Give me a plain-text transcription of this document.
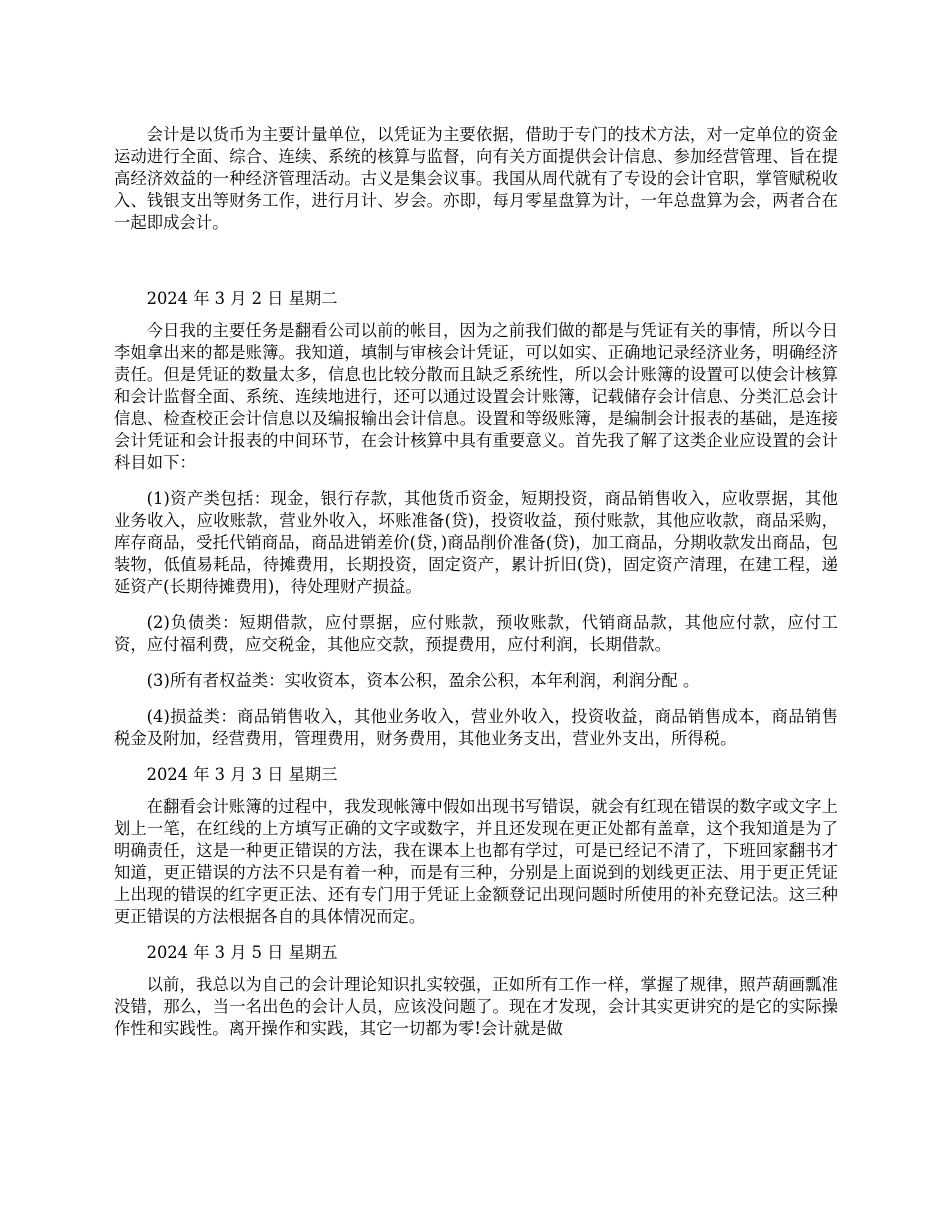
会计是以货币为主要计量单位，以凭证为主要依据，借助于专门的技术方法，对一定单位的资金运动进行全面、综合、连续、系统的核算与监督，向有关方面提供会计信息、参加经营管理、旨在提高经济效益的一种经济管理活动。古义是集会议事。我国从周代就有了专设的会计官职，掌管赋税收入、钱银支出等财务工作，进行月计、岁会。亦即，每月零星盘算为计，一年总盘算为会，两者合在一起即成会计。

2024 年 3 月 2 日 星期二

今日我的主要任务是翻看公司以前的帐目，因为之前我们做的都是与凭证有关的事情，所以今日李姐拿出来的都是账簿。我知道，填制与审核会计凭证，可以如实、正确地记录经济业务，明确经济责任。但是凭证的数量太多，信息也比较分散而且缺乏系统性，所以会计账簿的设置可以使会计核算和会计监督全面、系统、连续地进行，还可以通过设置会计账簿，记载储存会计信息、分类汇总会计信息、检查校正会计信息以及编报输出会计信息。设置和等级账簿，是编制会计报表的基础，是连接会计凭证和会计报表的中间环节，在会计核算中具有重要意义。首先我了解了这类企业应设置的会计科目如下：

(1)资产类包括：现金，银行存款，其他货币资金，短期投资，商品销售收入，应收票据，其他业务收入，应收账款，营业外收入，坏账准备(贷)，投资收益，预付账款，其他应收款，商品采购，库存商品，受托代销商品，商品进销差价(贷，)商品削价准备(贷)，加工商品，分期收款发出商品，包装物，低值易耗品，待摊费用，长期投资，固定资产，累计折旧(贷)，固定资产清理，在建工程，递延资产(长期待摊费用)，待处理财产损益。

(2)负债类：短期借款，应付票据，应付账款，预收账款，代销商品款，其他应付款，应付工资，应付福利费，应交税金，其他应交款，预提费用，应付利润，长期借款。

(3)所有者权益类：实收资本，资本公积，盈余公积，本年利润，利润分配 。

(4)损益类：商品销售收入，其他业务收入，营业外收入，投资收益，商品销售成本，商品销售税金及附加，经营费用，管理费用，财务费用，其他业务支出，营业外支出，所得税。

2024 年 3 月 3 日 星期三

在翻看会计账簿的过程中，我发现帐簿中假如出现书写错误，就会有红现在错误的数字或文字上划上一笔，在红线的上方填写正确的文字或数字，并且还发现在更正处都有盖章，这个我知道是为了明确责任，这是一种更正错误的方法，我在课本上也都有学过，可是已经记不清了，下班回家翻书才知道，更正错误的方法不只是有着一种，而是有三种，分别是上面说到的划线更正法、用于更正凭证上出现的错误的红字更正法、还有专门用于凭证上金额登记出现问题时所使用的补充登记法。这三种更正错误的方法根据各自的具体情况而定。

2024 年 3 月 5 日 星期五

以前，我总以为自己的会计理论知识扎实较强，正如所有工作一样，掌握了规律，照芦葫画瓢准没错，那么，当一名出色的会计人员，应该没问题了。现在才发现，会计其实更讲究的是它的实际操作性和实践性。离开操作和实践，其它一切都为零!会计就是做
